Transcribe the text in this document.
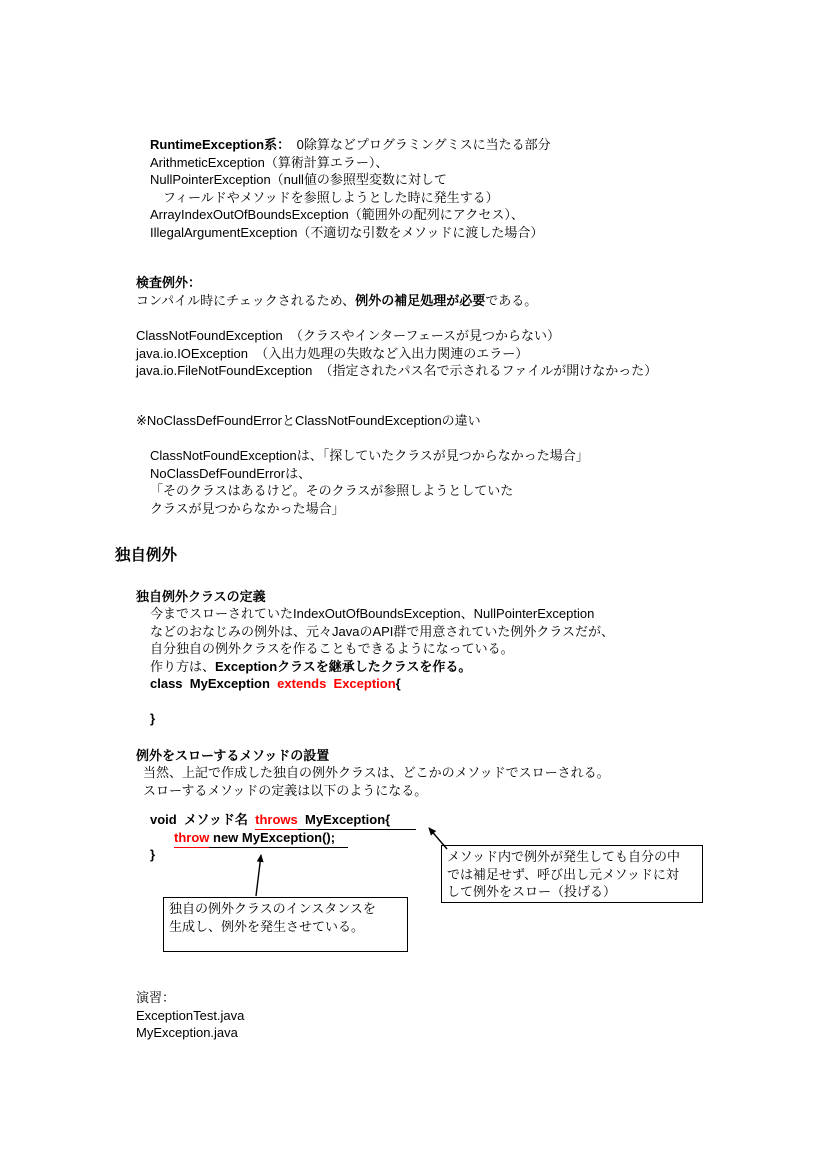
RuntimeException系：　0除算などプログラミングミスに当たる部分
ArithmeticException（算術計算エラー）、
NullPointerException（null値の参照型変数に対して
　フィールドやメソッドを参照しようとした時に発生する）
ArrayIndexOutOfBoundsException（範囲外の配列にアクセス）、
IllegalArgumentException（不適切な引数をメソッドに渡した場合）
検査例外：
コンパイル時にチェックされるため、例外の補足処理が必要である。
ClassNotFoundException  （クラスやインターフェースが見つからない）
java.io.IOException  （入出力処理の失敗など入出力関連のエラー）
java.io.FileNotFoundException  （指定されたパス名で示されるファイルが開けなかった）
※NoClassDefFoundErrorとClassNotFoundExceptionの違い
ClassNotFoundExceptionは、「探していたクラスが見つからなかった場合」
NoClassDefFoundErrorは、
「そのクラスはあるけど。そのクラスが参照しようとしていた
クラスが見つからなかった場合」
独自例外
独自例外クラスの定義
今までスローされていたIndexOutOfBoundsException、NullPointerException
などのおなじみの例外は、元々JavaのAPI群で用意されていた例外クラスだが、
自分独自の例外クラスを作ることもできるようになっている。
作り方は、Exceptionクラスを継承したクラスを作る。
class  MyException  extends  Exception{
}
例外をスローするメソッドの設置
当然、上記で作成した独自の例外クラスは、どこかのメソッドでスローされる。
スローするメソッドの定義は以下のようになる。
void  メソッド名  throws  MyException{
throw new MyException();
}	メソッド内で例外が発生しても自分の中
では補足せず、呼び出し元メソッドに対
して例外をスロー（投げる）
独自の例外クラスのインスタンスを
生成し、例外を発生させている。
演習：
ExceptionTest.java
MyException.java
